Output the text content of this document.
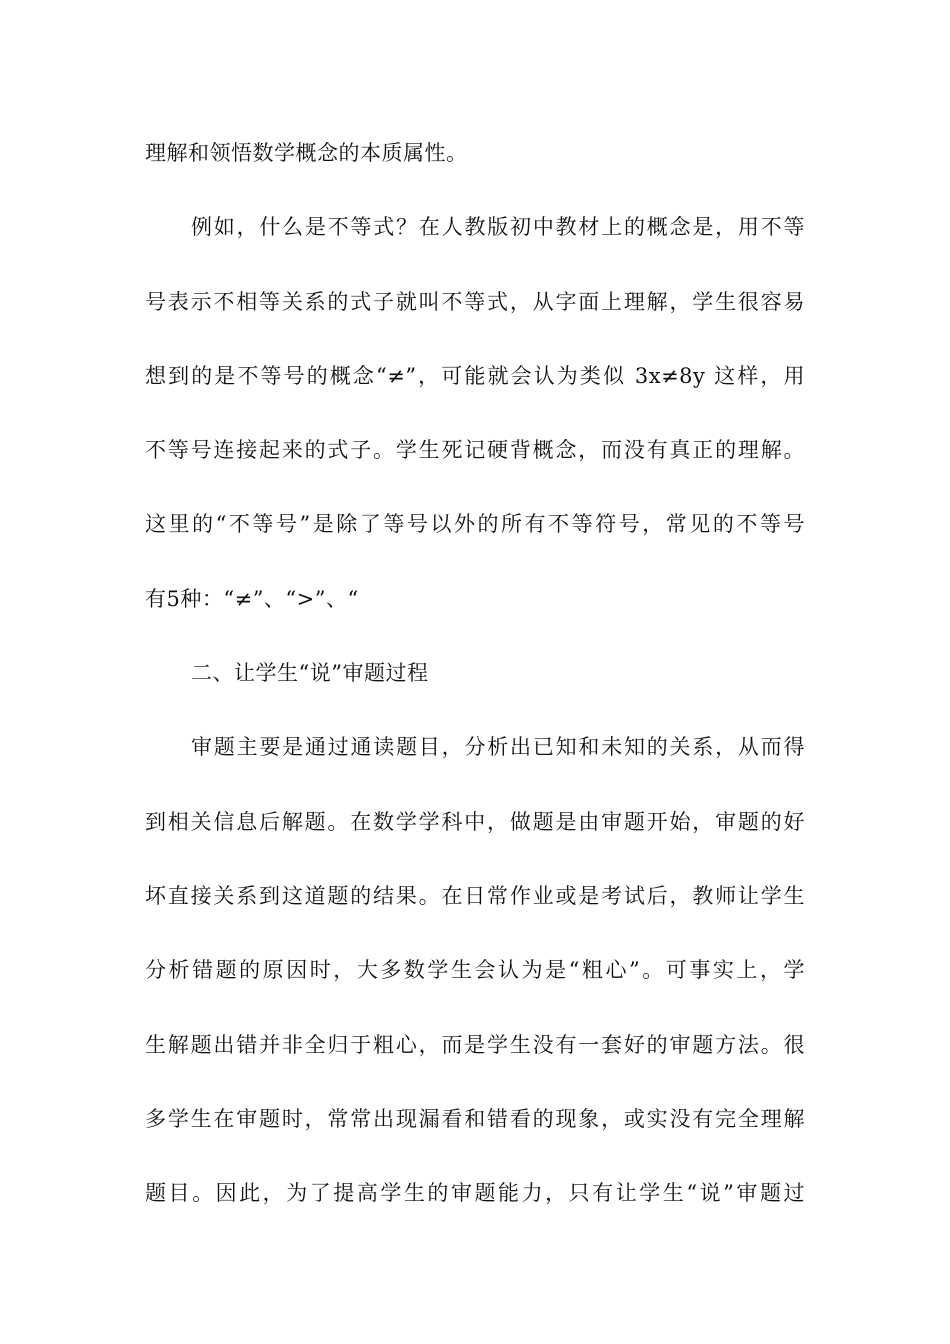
理解和领悟数学概念的本质属性。
例如，什么是不等式？在人教版初中教材上的概念是，用不等
号表示不相等关系的式子就叫不等式，从字面上理解，学生很容易
想到的是不等号的概念“≠”，可能就会认为类似 3x≠8y 这样，用
不等号连接起来的式子。学生死记硬背概念，而没有真正的理解。
这里的“不等号”是除了等号以外的所有不等符号，常见的不等号
有5种：“≠”、“>”、“
二、让学生“说”审题过程
审题主要是通过通读题目，分析出已知和未知的关系，从而得
到相关信息后解题。在数学学科中，做题是由审题开始，审题的好
坏直接关系到这道题的结果。在日常作业或是考试后，教师让学生
分析错题的原因时，大多数学生会认为是“粗心”。可事实上，学
生解题出错并非全归于粗心，而是学生没有一套好的审题方法。很
多学生在审题时，常常出现漏看和错看的现象，或实没有完全理解
题目。因此，为了提高学生的审题能力，只有让学生“说”审题过
